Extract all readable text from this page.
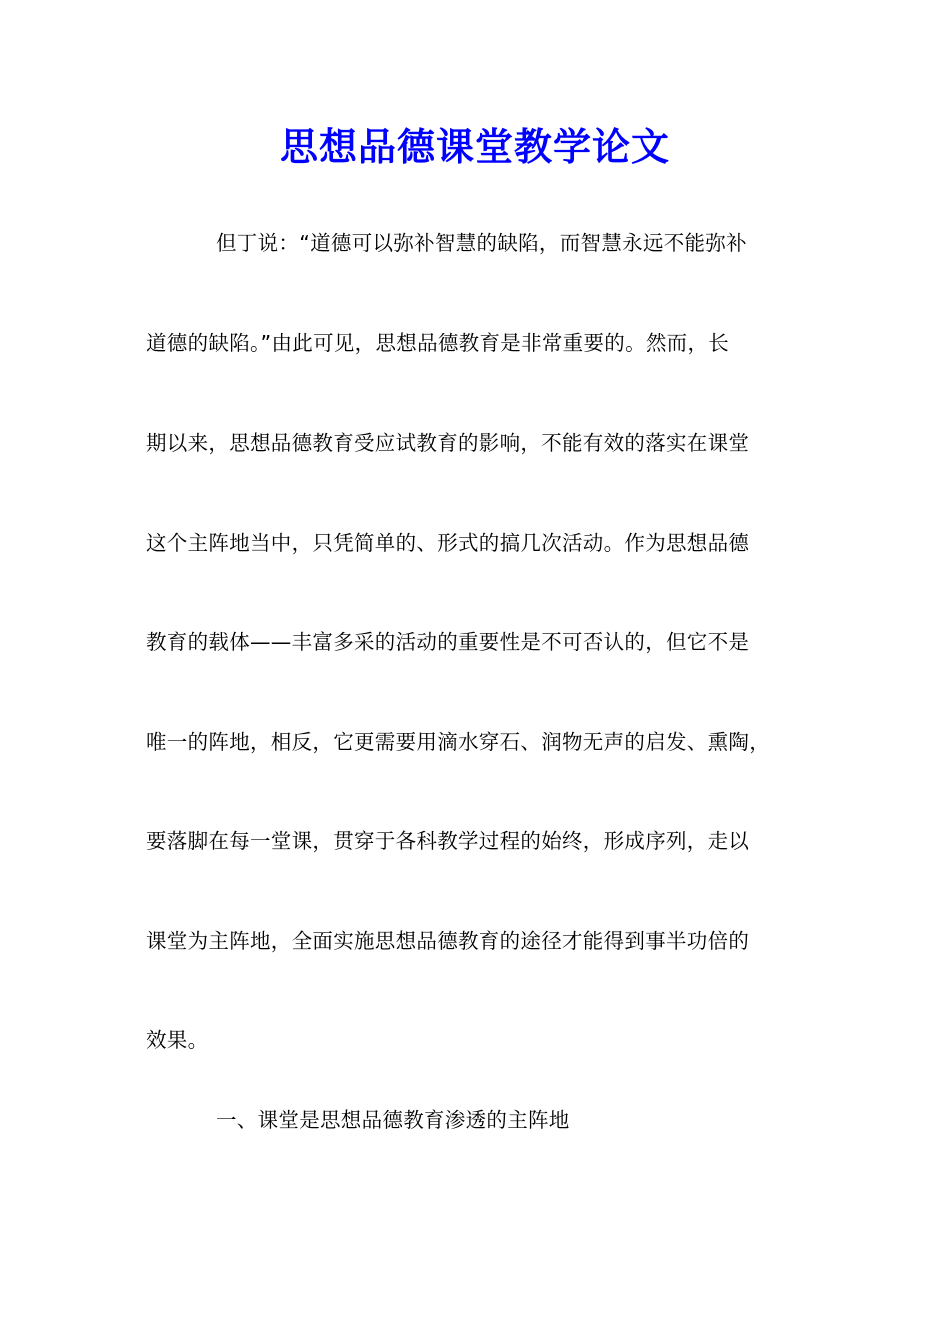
思想品德课堂教学论文
但丁说：“道德可以弥补智慧的缺陷，而智慧永远不能弥补
道德的缺陷。”由此可见，思想品德教育是非常重要的。然而，长
期以来，思想品德教育受应试教育的影响，不能有效的落实在课堂
这个主阵地当中，只凭简单的、形式的搞几次活动。作为思想品德
教育的载体——丰富多采的活动的重要性是不可否认的，但它不是
唯一的阵地，相反，它更需要用滴水穿石、润物无声的启发、熏陶，
要落脚在每一堂课，贯穿于各科教学过程的始终，形成序列，走以
课堂为主阵地，全面实施思想品德教育的途径才能得到事半功倍的
效果。
一、课堂是思想品德教育渗透的主阵地
